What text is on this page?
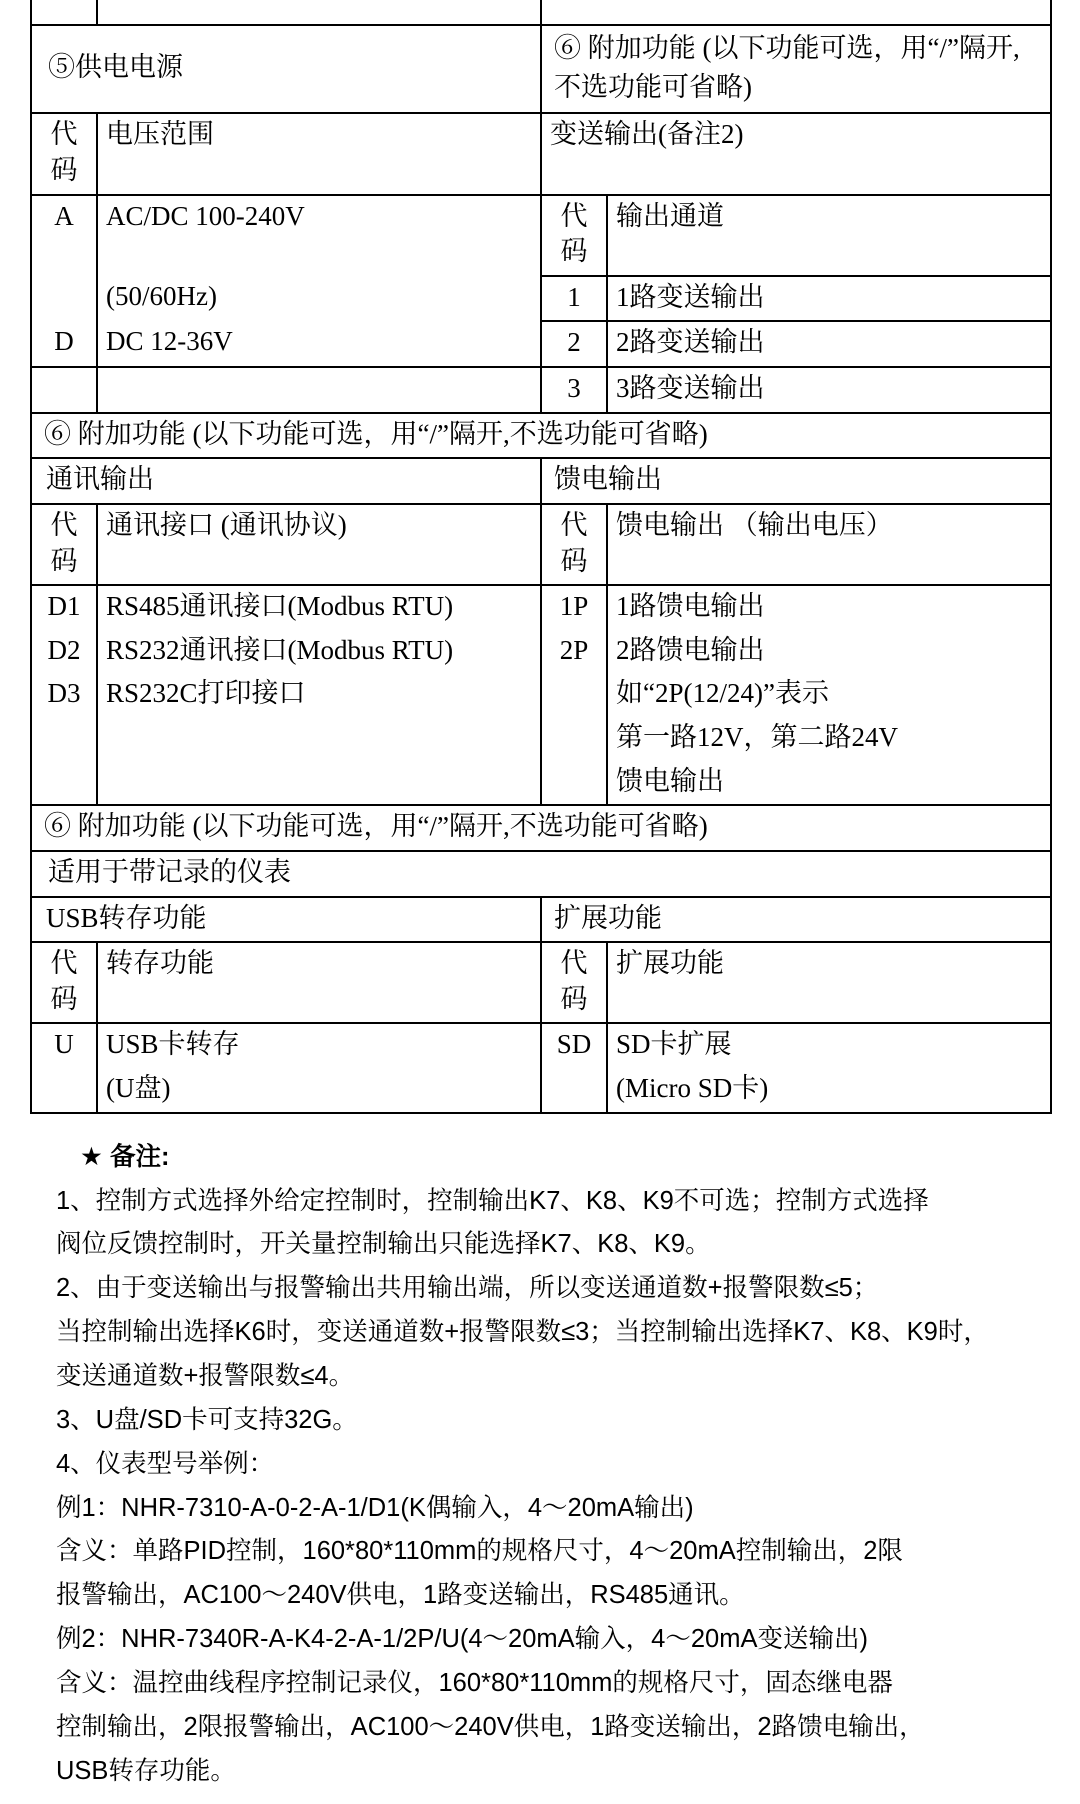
⑤供电电源		⑥ 附加功能 (以下功能可选，用“/”隔开,不选功能可省略)	
代码	电压范围	变送输出(备注2)	
A	AC/DC 100-240V	代码	输出通道
	(50/60Hz)	1	1路变送输出
D	DC 12-36V	2	2路变送输出
		3	3路变送输出
⑥ 附加功能 (以下功能可选，用“/”隔开,不选功能可省略)			
通讯输出		馈电输出	
代码	通讯接口 (通讯协议)	代码	馈电输出 （输出电压）
D1	RS485通讯接口(Modbus RTU)	1P	1路馈电输出
D2	RS232通讯接口(Modbus RTU)	2P	2路馈电输出
D3	RS232C打印接口		如“2P(12/24)”表示
			第一路12V，第二路24V
			馈电输出
⑥ 附加功能 (以下功能可选，用“/”隔开,不选功能可省略)			
适用于带记录的仪表			
USB转存功能		扩展功能	
代码	转存功能	代码	扩展功能
U	USB卡转存	SD	SD卡扩展
	(U盘)		(Micro SD卡)

★ 备注:

1、控制方式选择外给定控制时，控制输出K7、K8、K9不可选；控制方式选择

阀位反馈控制时，开关量控制输出只能选择K7、K8、K9。

2、由于变送输出与报警输出共用输出端，所以变送通道数+报警限数≤5；

当控制输出选择K6时，变送通道数+报警限数≤3；当控制输出选择K7、K8、K9时，

变送通道数+报警限数≤4。

3、U盘/SD卡可支持32G。

4、仪表型号举例：

例1：NHR-7310-A-0-2-A-1/D1(K偶输入，4～20mA输出)

含义：单路PID控制，160*80*110mm的规格尺寸，4～20mA控制输出，2限

报警输出，AC100～240V供电，1路变送输出，RS485通讯。

例2：NHR-7340R-A-K4-2-A-1/2P/U(4～20mA输入，4～20mA变送输出)

含义：温控曲线程序控制记录仪，160*80*110mm的规格尺寸，固态继电器

控制输出，2限报警输出，AC100～240V供电，1路变送输出，2路馈电输出，

USB转存功能。
